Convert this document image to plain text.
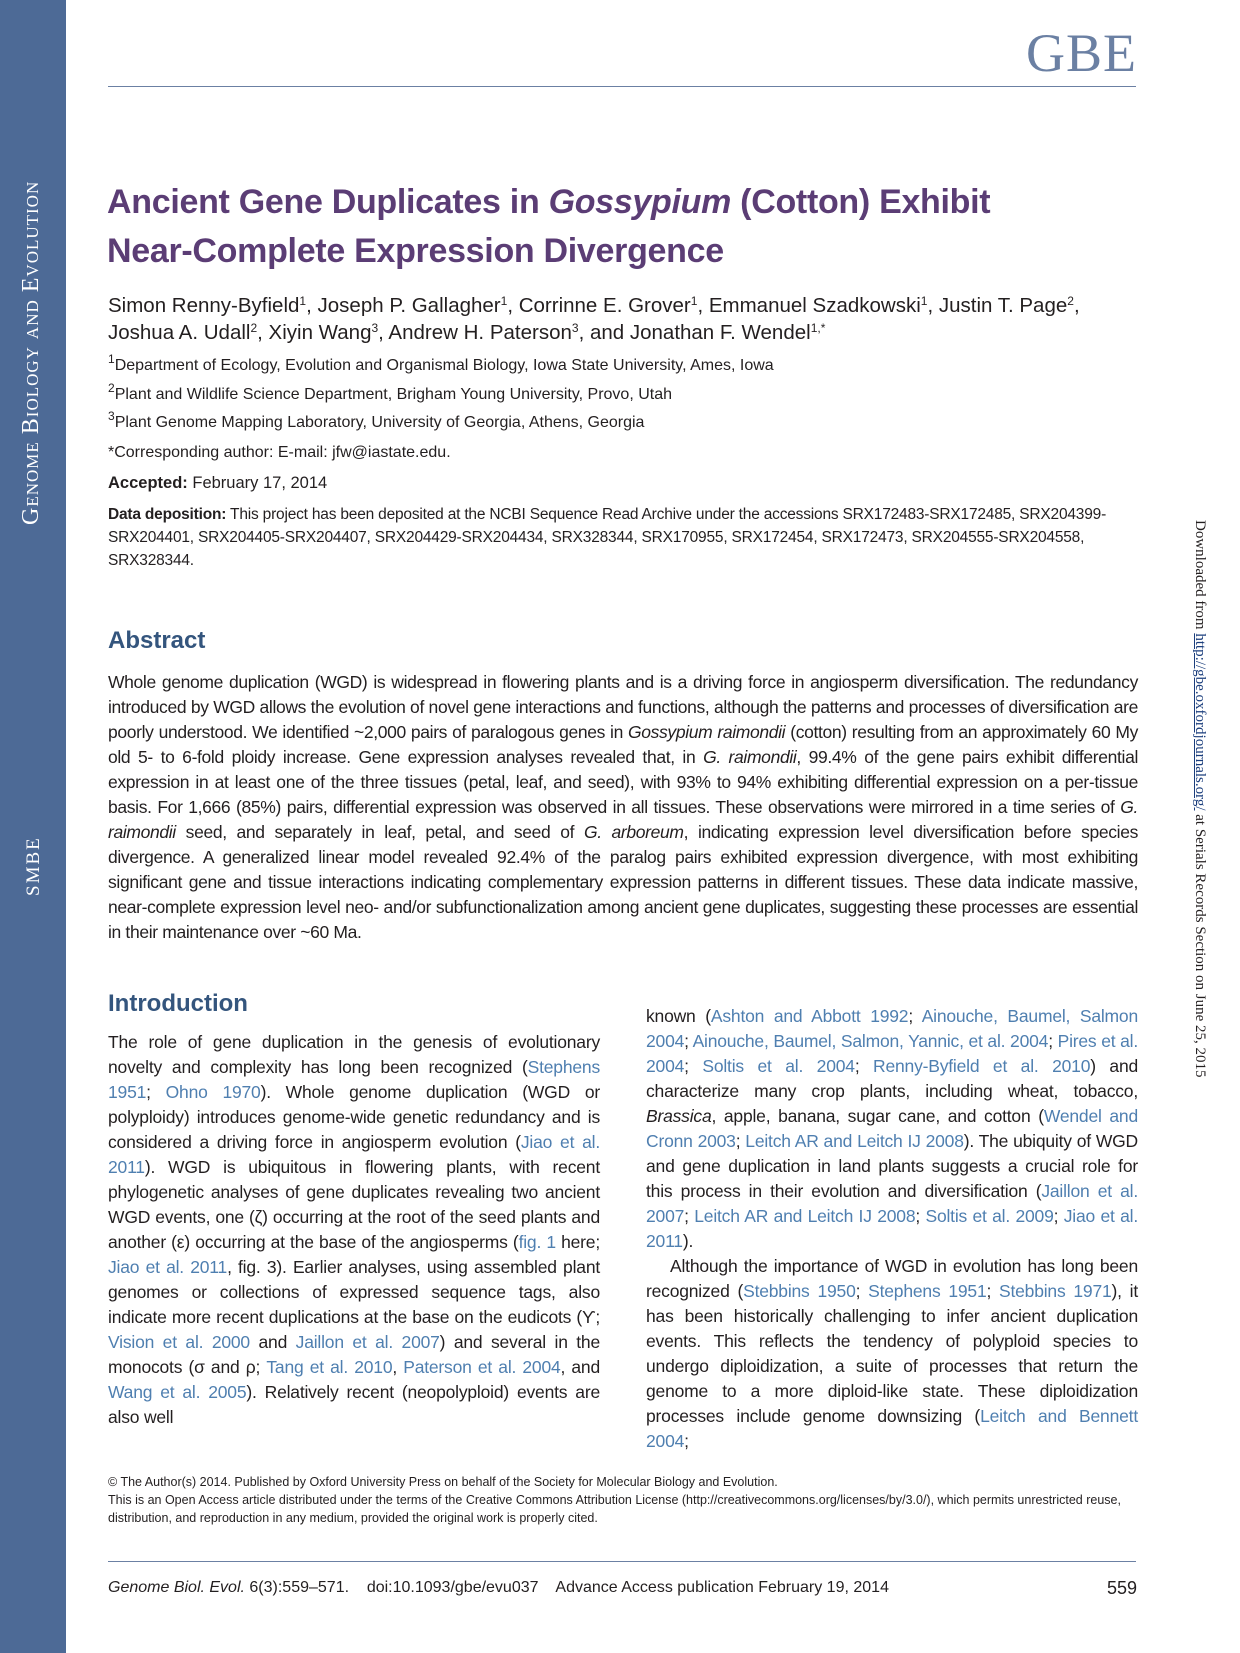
Genome Biology and Evolution
SMBE
Downloaded from http://gbe.oxfordjournals.org/ at Serials Records Section on June 25, 2015
GBE
Ancient Gene Duplicates in Gossypium (Cotton) Exhibit
Near-Complete Expression Divergence
Simon Renny-Byfield$^1$, Joseph P. Gallagher$^1$, Corrinne E. Grover$^1$, Emmanuel Szadkowski$^1$, Justin T. Page$^2$,
Joshua A. Udall$^2$, Xiyin Wang$^3$, Andrew H. Paterson$^3$, and Jonathan F. Wendel$^{1,*}$
$^1$Department of Ecology, Evolution and Organismal Biology, Iowa State University, Ames, Iowa
$^2$Plant and Wildlife Science Department, Brigham Young University, Provo, Utah
$^3$Plant Genome Mapping Laboratory, University of Georgia, Athens, Georgia
*Corresponding author: E-mail: jfw@iastate.edu.
Accepted: February 17, 2014
Data deposition: This project has been deposited at the NCBI Sequence Read Archive under the accessions SRX172483-SRX172485, SRX204399-SRX204401, SRX204405-SRX204407, SRX204429-SRX204434, SRX328344, SRX170955, SRX172454, SRX172473, SRX204555-SRX204558, SRX328344.
Abstract

Whole genome duplication (WGD) is widespread in flowering plants and is a driving force in angiosperm diversification. The redundancy introduced by WGD allows the evolution of novel gene interactions and functions, although the patterns and processes of diversification are poorly understood. We identified ~2,000 pairs of paralogous genes in Gossypium raimondii (cotton) resulting from an approximately 60 My old 5- to 6-fold ploidy increase. Gene expression analyses revealed that, in G. raimondii, 99.4% of the gene pairs exhibit differential expression in at least one of the three tissues (petal, leaf, and seed), with 93% to 94% exhibiting differential expression on a per-tissue basis. For 1,666 (85%) pairs, differential expression was observed in all tissues. These observations were mirrored in a time series of G. raimondii seed, and separately in leaf, petal, and seed of G. arboreum, indicating expression level diversification before species divergence. A generalized linear model revealed 92.4% of the paralog pairs exhibited expression divergence, with most exhibiting significant gene and tissue interactions indicating complementary expression patterns in different tissues. These data indicate massive, near-complete expression level neo- and/or subfunctionalization among ancient gene duplicates, suggesting these processes are essential in their maintenance over ~60 Ma.

Introduction

The role of gene duplication in the genesis of evolutionary novelty and complexity has long been recognized (Stephens 1951; Ohno 1970). Whole genome duplication (WGD or polyploidy) introduces genome-wide genetic redundancy and is considered a driving force in angiosperm evolution (Jiao et al. 2011). WGD is ubiquitous in flowering plants, with recent phylogenetic analyses of gene duplicates revealing two ancient WGD events, one (ζ) occurring at the root of the seed plants and another (ε) occurring at the base of the angiosperms (fig. 1 here; Jiao et al. 2011, fig. 3). Earlier analyses, using assembled plant genomes or collections of expressed sequence tags, also indicate more recent duplications at the base on the eudicots (ϒ; Vision et al. 2000 and Jaillon et al. 2007) and several in the monocots (σ and ρ; Tang et al. 2010, Paterson et al. 2004, and Wang et al. 2005). Relatively recent (neopolyploid) events are also well

known (Ashton and Abbott 1992; Ainouche, Baumel, Salmon 2004; Ainouche, Baumel, Salmon, Yannic, et al. 2004; Pires et al. 2004; Soltis et al. 2004; Renny-Byfield et al. 2010) and characterize many crop plants, including wheat, tobacco, Brassica, apple, banana, sugar cane, and cotton (Wendel and Cronn 2003; Leitch AR and Leitch IJ 2008). The ubiquity of WGD and gene duplication in land plants suggests a crucial role for this process in their evolution and diversification (Jaillon et al. 2007; Leitch AR and Leitch IJ 2008; Soltis et al. 2009; Jiao et al. 2011).

Although the importance of WGD in evolution has long been recognized (Stebbins 1950; Stephens 1951; Stebbins 1971), it has been historically challenging to infer ancient duplication events. This reflects the tendency of polyploid species to undergo diploidization, a suite of processes that return the genome to a more diploid-like state. These diploidization processes include genome downsizing (Leitch and Bennett 2004;

© The Author(s) 2014. Published by Oxford University Press on behalf of the Society for Molecular Biology and Evolution.
This is an Open Access article distributed under the terms of the Creative Commons Attribution License (http://creativecommons.org/licenses/by/3.0/), which permits unrestricted reuse, distribution, and reproduction in any medium, provided the original work is properly cited.
Genome Biol. Evol. 6(3):559–571.    doi:10.1093/gbe/evu037    Advance Access publication February 19, 2014	559
